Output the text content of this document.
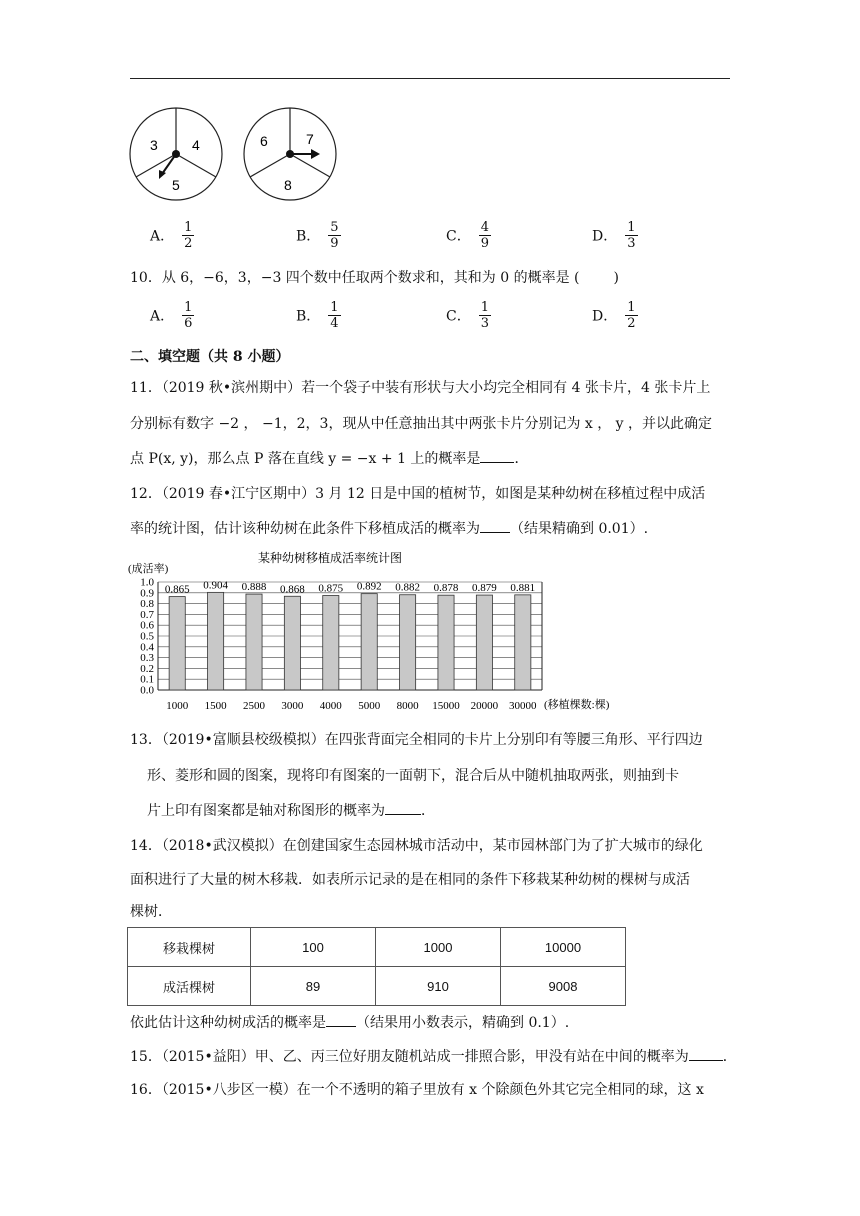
3 4
5
6	7
8
A． $\frac{1}{2}$	B． $\frac{5}{9}$	C． $\frac{4}{9}$	D． $\frac{1}{3}$
10．从 6，−6，3，−3 四个数中任取两个数求和，其和为 0 的概率是 ( )
A． $\frac{1}{6}$	B． $\frac{1}{4}$	C． $\frac{1}{3}$	D． $\frac{1}{2}$
二、填空题（共 8 小题）
11．（2019 秋•滨州期中）若一个袋子中装有形状与大小均完全相同有 4 张卡片，4 张卡片上
分别标有数字 −2 ， −1，2，3，现从中任意抽出其中两张卡片分别记为 x ， y ，并以此确定
点 P(x, y)，那么点 P 落在直线 y = −x + 1 上的概率是 ．
12．（2019 春•江宁区期中）3 月 12 日是中国的植树节，如图是某种幼树在移植过程中成活
率的统计图，估计该种幼树在此条件下移植成活的概率为 （结果精确到 0.01）.
某种幼树移植成活率统计图
(成活率)
(移植棵数:棵)
0.0
0.1
0.2
0.3
0.4
0.5
0.6
0.7
0.8
0.9
1.0
0.865
1000
0.904
1500
0.888
2500
0.868
3000
0.875
4000
0.892
5000
0.882
8000
0.878
15000
0.879
20000
0.881
30000
13．（2019•富顺县校级模拟）在四张背面完全相同的卡片上分别印有等腰三角形、平行四边
形、菱形和圆的图案，现将印有图案的一面朝下，混合后从中随机抽取两张，则抽到卡
片上印有图案都是轴对称图形的概率为	．
14．（2018•武汉模拟）在创建国家生态园林城市活动中，某市园林部门为了扩大城市的绿化
面积进行了大量的树木移栽．如表所示记录的是在相同的条件下移栽某种幼树的棵树与成活
棵树．
移栽棵树	100	1000	10000
成活棵树	89	910	9008
依此估计这种幼树成活的概率是 （结果用小数表示，精确到 0.1）.
15．（2015•益阳）甲、乙、丙三位好朋友随机站成一排照合影，甲没有站在中间的概率为 ．
16．（2015•八步区一模）在一个不透明的箱子里放有 x 个除颜色外其它完全相同的球，这 x
